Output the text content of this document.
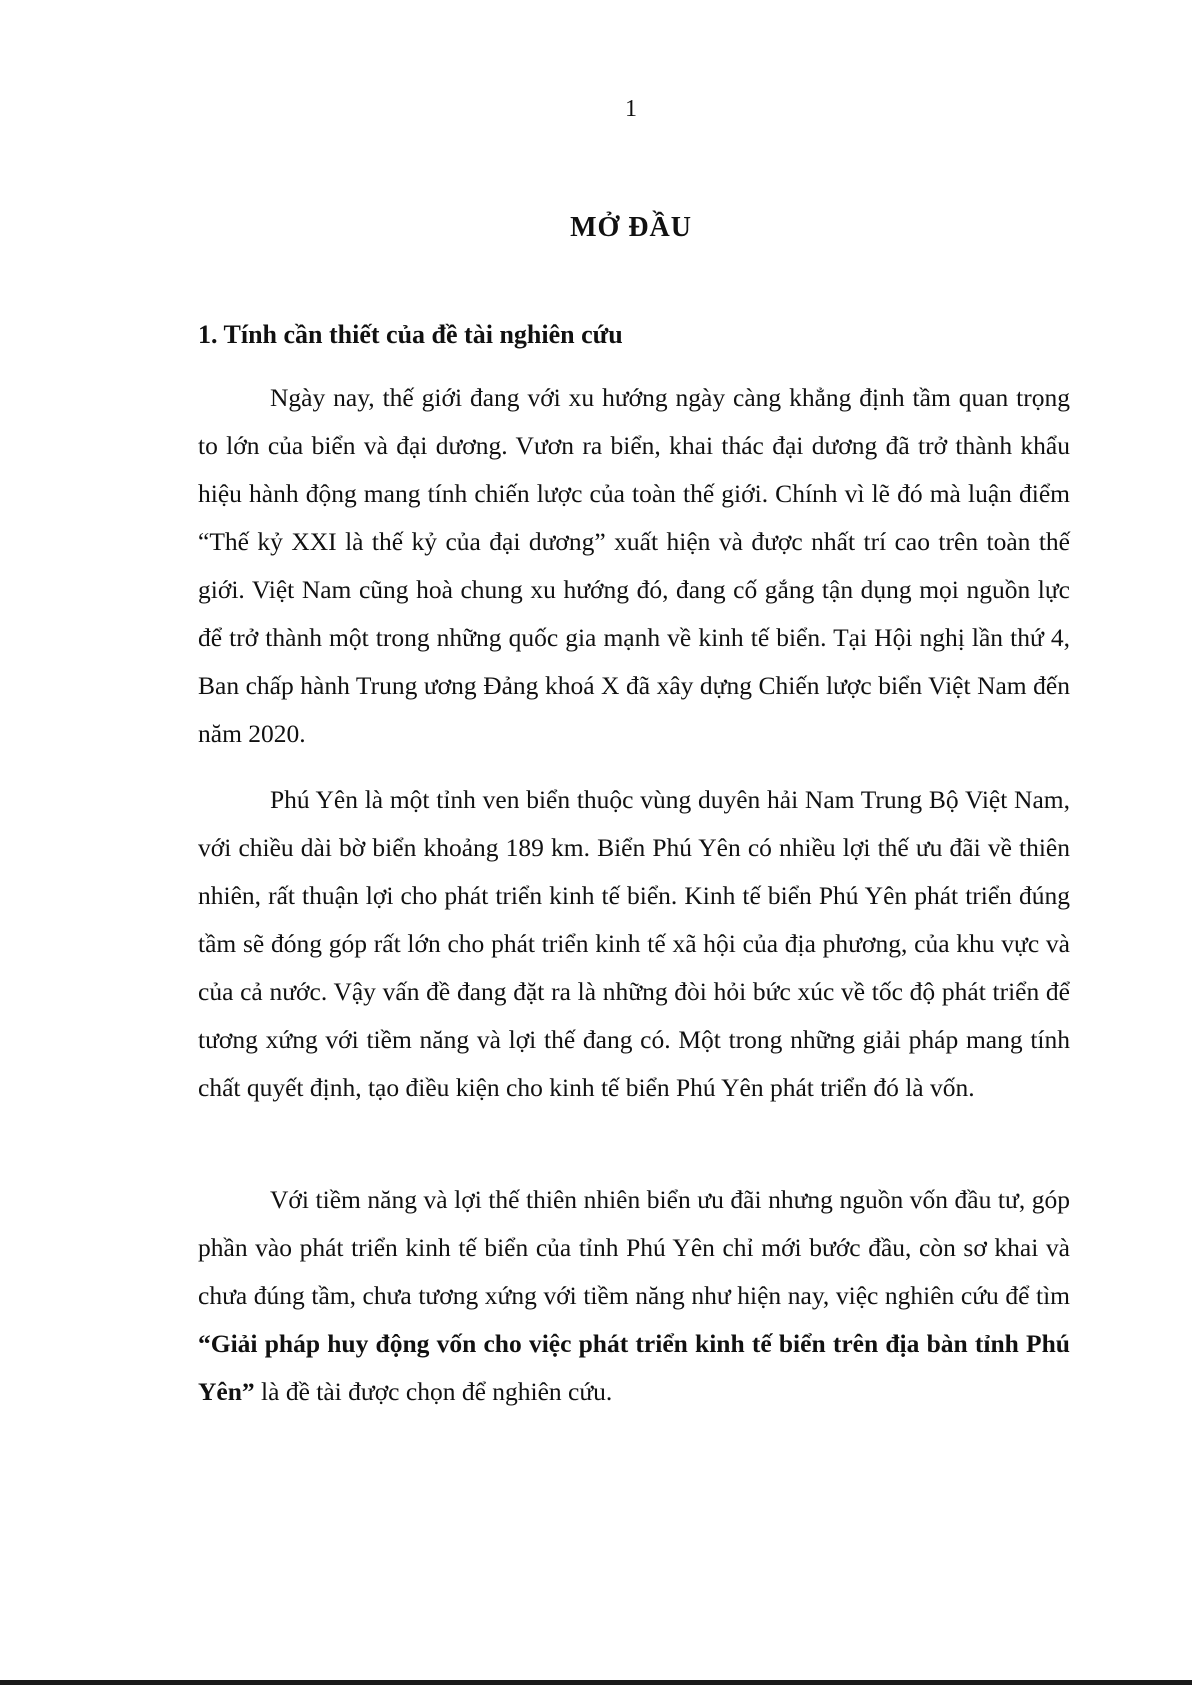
1
MỞ ĐẦU
1. Tính cần thiết của đề tài nghiên cứu

Ngày nay, thế giới đang với xu hướng ngày càng khẳng định tầm quan trọng to lớn của biển và đại dương. Vươn ra biển, khai thác đại dương đã trở thành khẩu hiệu hành động mang tính chiến lược của toàn thế giới. Chính vì lẽ đó mà luận điểm “Thế kỷ XXI là thế kỷ của đại dương” xuất hiện và được nhất trí cao trên toàn thế giới. Việt Nam cũng hoà chung xu hướng đó, đang cố gắng tận dụng mọi nguồn lực để trở thành một trong những quốc gia mạnh về kinh tế biển. Tại Hội nghị lần thứ 4, Ban chấp hành Trung ương Đảng khoá X đã xây dựng Chiến lược biển Việt Nam đến năm 2020.

Phú Yên là một tỉnh ven biển thuộc vùng duyên hải Nam Trung Bộ Việt Nam, với chiều dài bờ biển khoảng 189 km. Biển Phú Yên có nhiều lợi thế ưu đãi về thiên nhiên, rất thuận lợi cho phát triển kinh tế biển. Kinh tế biển Phú Yên phát triển đúng tầm sẽ đóng góp rất lớn cho phát triển kinh tế xã hội của địa phương, của khu vực và của cả nước. Vậy vấn đề đang đặt ra là những đòi hỏi bức xúc về tốc độ phát triển để tương xứng với tiềm năng và lợi thế đang có. Một trong những giải pháp mang tính chất quyết định, tạo điều kiện cho kinh tế biển Phú Yên phát triển đó là vốn.

Với tiềm năng và lợi thế thiên nhiên biển ưu đãi nhưng nguồn vốn đầu tư, góp phần vào phát triển kinh tế biển của tỉnh Phú Yên chỉ mới bước đầu, còn sơ khai và chưa đúng tầm, chưa tương xứng với tiềm năng như hiện nay, việc nghiên cứu để tìm “Giải pháp huy động vốn cho việc phát triển kinh tế biển trên địa bàn tỉnh Phú Yên” là đề tài được chọn để nghiên cứu.
